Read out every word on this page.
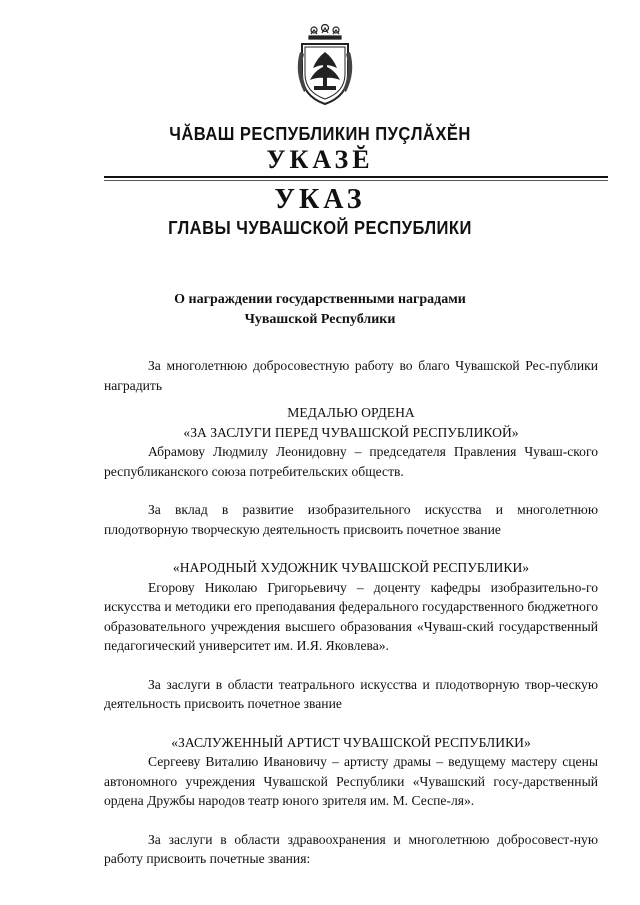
ЧĂВАШ РЕСПУБЛИКИН ПУÇЛĂХĔН
УКАЗĔ
УКАЗ
ГЛАВЫ ЧУВАШСКОЙ РЕСПУБЛИКИ
О награждении государственными наградами
Чувашской Республики

За многолетнюю добросовестную работу во благо Чувашской Рес-публики наградить

МЕДАЛЬЮ ОРДЕНА

«ЗА ЗАСЛУГИ ПЕРЕД ЧУВАШСКОЙ РЕСПУБЛИКОЙ»

Абрамову Людмилу Леонидовну – председателя Правления Чуваш-ского республиканского союза потребительских обществ.

За вклад в развитие изобразительного искусства и многолетнюю плодотворную творческую деятельность присвоить почетное звание

«НАРОДНЫЙ ХУДОЖНИК ЧУВАШСКОЙ РЕСПУБЛИКИ»

Егорову Николаю Григорьевичу – доценту кафедры изобразительно-го искусства и методики его преподавания федерального государственного бюджетного образовательного учреждения высшего образования «Чуваш-ский государственный педагогический университет им. И.Я. Яковлева».

За заслуги в области театрального искусства и плодотворную твор-ческую деятельность присвоить почетное звание

«ЗАСЛУЖЕННЫЙ АРТИСТ ЧУВАШСКОЙ РЕСПУБЛИКИ»

Сергееву Виталию Ивановичу – артисту драмы – ведущему мастеру сцены автономного учреждения Чувашской Республики «Чувашский госу-дарственный ордена Дружбы народов театр юного зрителя им. М. Сеспе-ля».

За заслуги в области здравоохранения и многолетнюю добросовест-ную работу присвоить почетные звания:
